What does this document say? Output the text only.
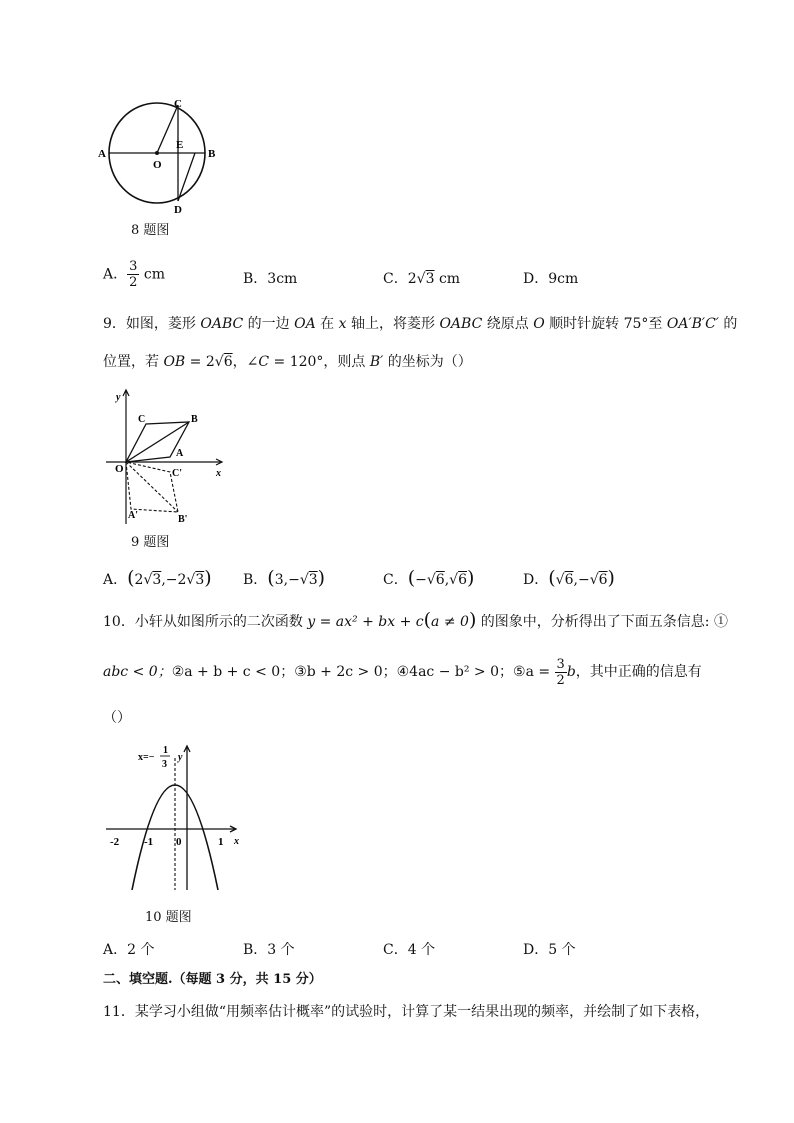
A	B
C
D
E
O
8 题图
A． $\frac{3}{2}$ cm	B．3cm	C．2√3 cm	D．9cm
9．如图，菱形 OABC 的一边 OA 在 x 轴上，将菱形 OABC 绕原点 O 顺时针旋转 75°至 OA′B′C′ 的
位置，若 OB = 2√6，∠C = 120°，则点 B′ 的坐标为（）
y
x
O
A
B
C
A'	B'
C'
9 题图
A．(2√3,−2√3) B．(3,−√3)	C．(−√6,√6)	D．(√6,−√6)
10．小轩从如图所示的二次函数 y = ax² + bx + c(a ≠ 0) 的图象中，分析得出了下面五条信息: ①
abc < 0；②a + b + c < 0；③b + 2c > 0；④4ac − b² > 0；⑤a = $\frac{3}{2}$ b，其中正确的信息有
（）
-2 -1 0	1 x
y
x=−
1
3
10 题图
A．2 个	B．3 个	C．4 个	D．5 个
二、填空题.（每题 3 分，共 15 分）
11．某学习小组做“用频率估计概率”的试验时，计算了某一结果出现的频率，并绘制了如下表格，
